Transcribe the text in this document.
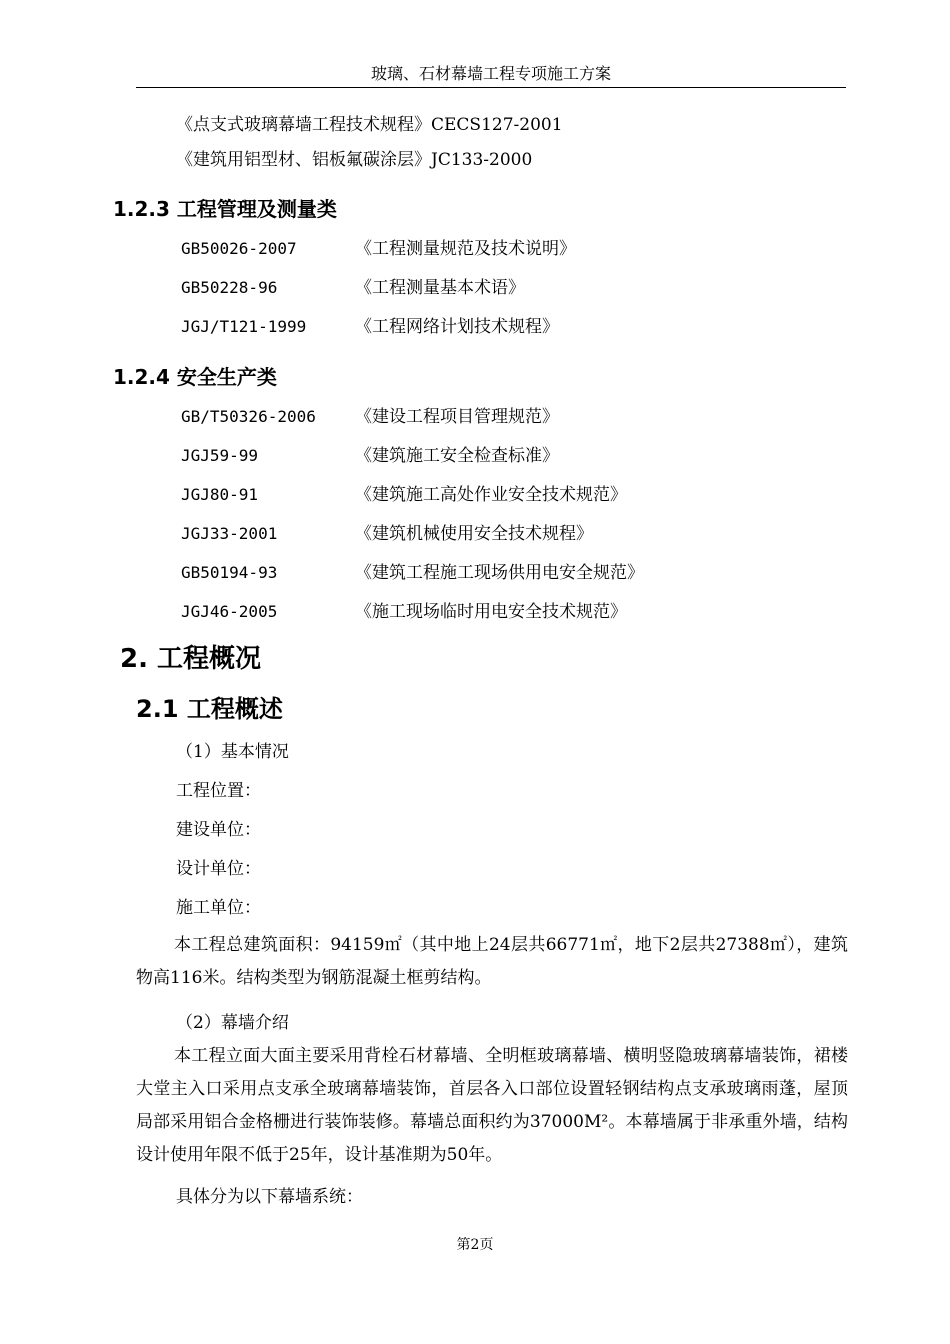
玻璃、石材幕墙工程专项施工方案
《点支式玻璃幕墙工程技术规程》CECS127-2001
《建筑用铝型材、铝板氟碳涂层》JC133-2000
1.2.3 工程管理及测量类
GB50026-2007	《工程测量规范及技术说明》
GB50228-96	《工程测量基本术语》
JGJ/T121-1999	《工程网络计划技术规程》
1.2.4 安全生产类
GB/T50326-2006 《建设工程项目管理规范》
JGJ59-99	《建筑施工安全检查标准》
JGJ80-91	《建筑施工高处作业安全技术规范》
JGJ33-2001	《建筑机械使用安全技术规程》
GB50194-93	《建筑工程施工现场供用电安全规范》
JGJ46-2005	《施工现场临时用电安全技术规范》
2. 工程概况
2.1 工程概述
（1）基本情况
工程位置：
建设单位：
设计单位：
施工单位：
本工程总建筑面积：94159㎡（其中地上24层共66771㎡，地下2层共27388㎡），建筑物高116米。结构类型为钢筋混凝土框剪结构。
（2）幕墙介绍
本工程立面大面主要采用背栓石材幕墙、全明框玻璃幕墙、横明竖隐玻璃幕墙装饰，裙楼大堂主入口采用点支承全玻璃幕墙装饰，首层各入口部位设置轻钢结构点支承玻璃雨蓬，屋顶局部采用铝合金格栅进行装饰装修。幕墙总面积约为37000M²。本幕墙属于非承重外墙，结构设计使用年限不低于25年，设计基准期为50年。
具体分为以下幕墙系统：
第2页
